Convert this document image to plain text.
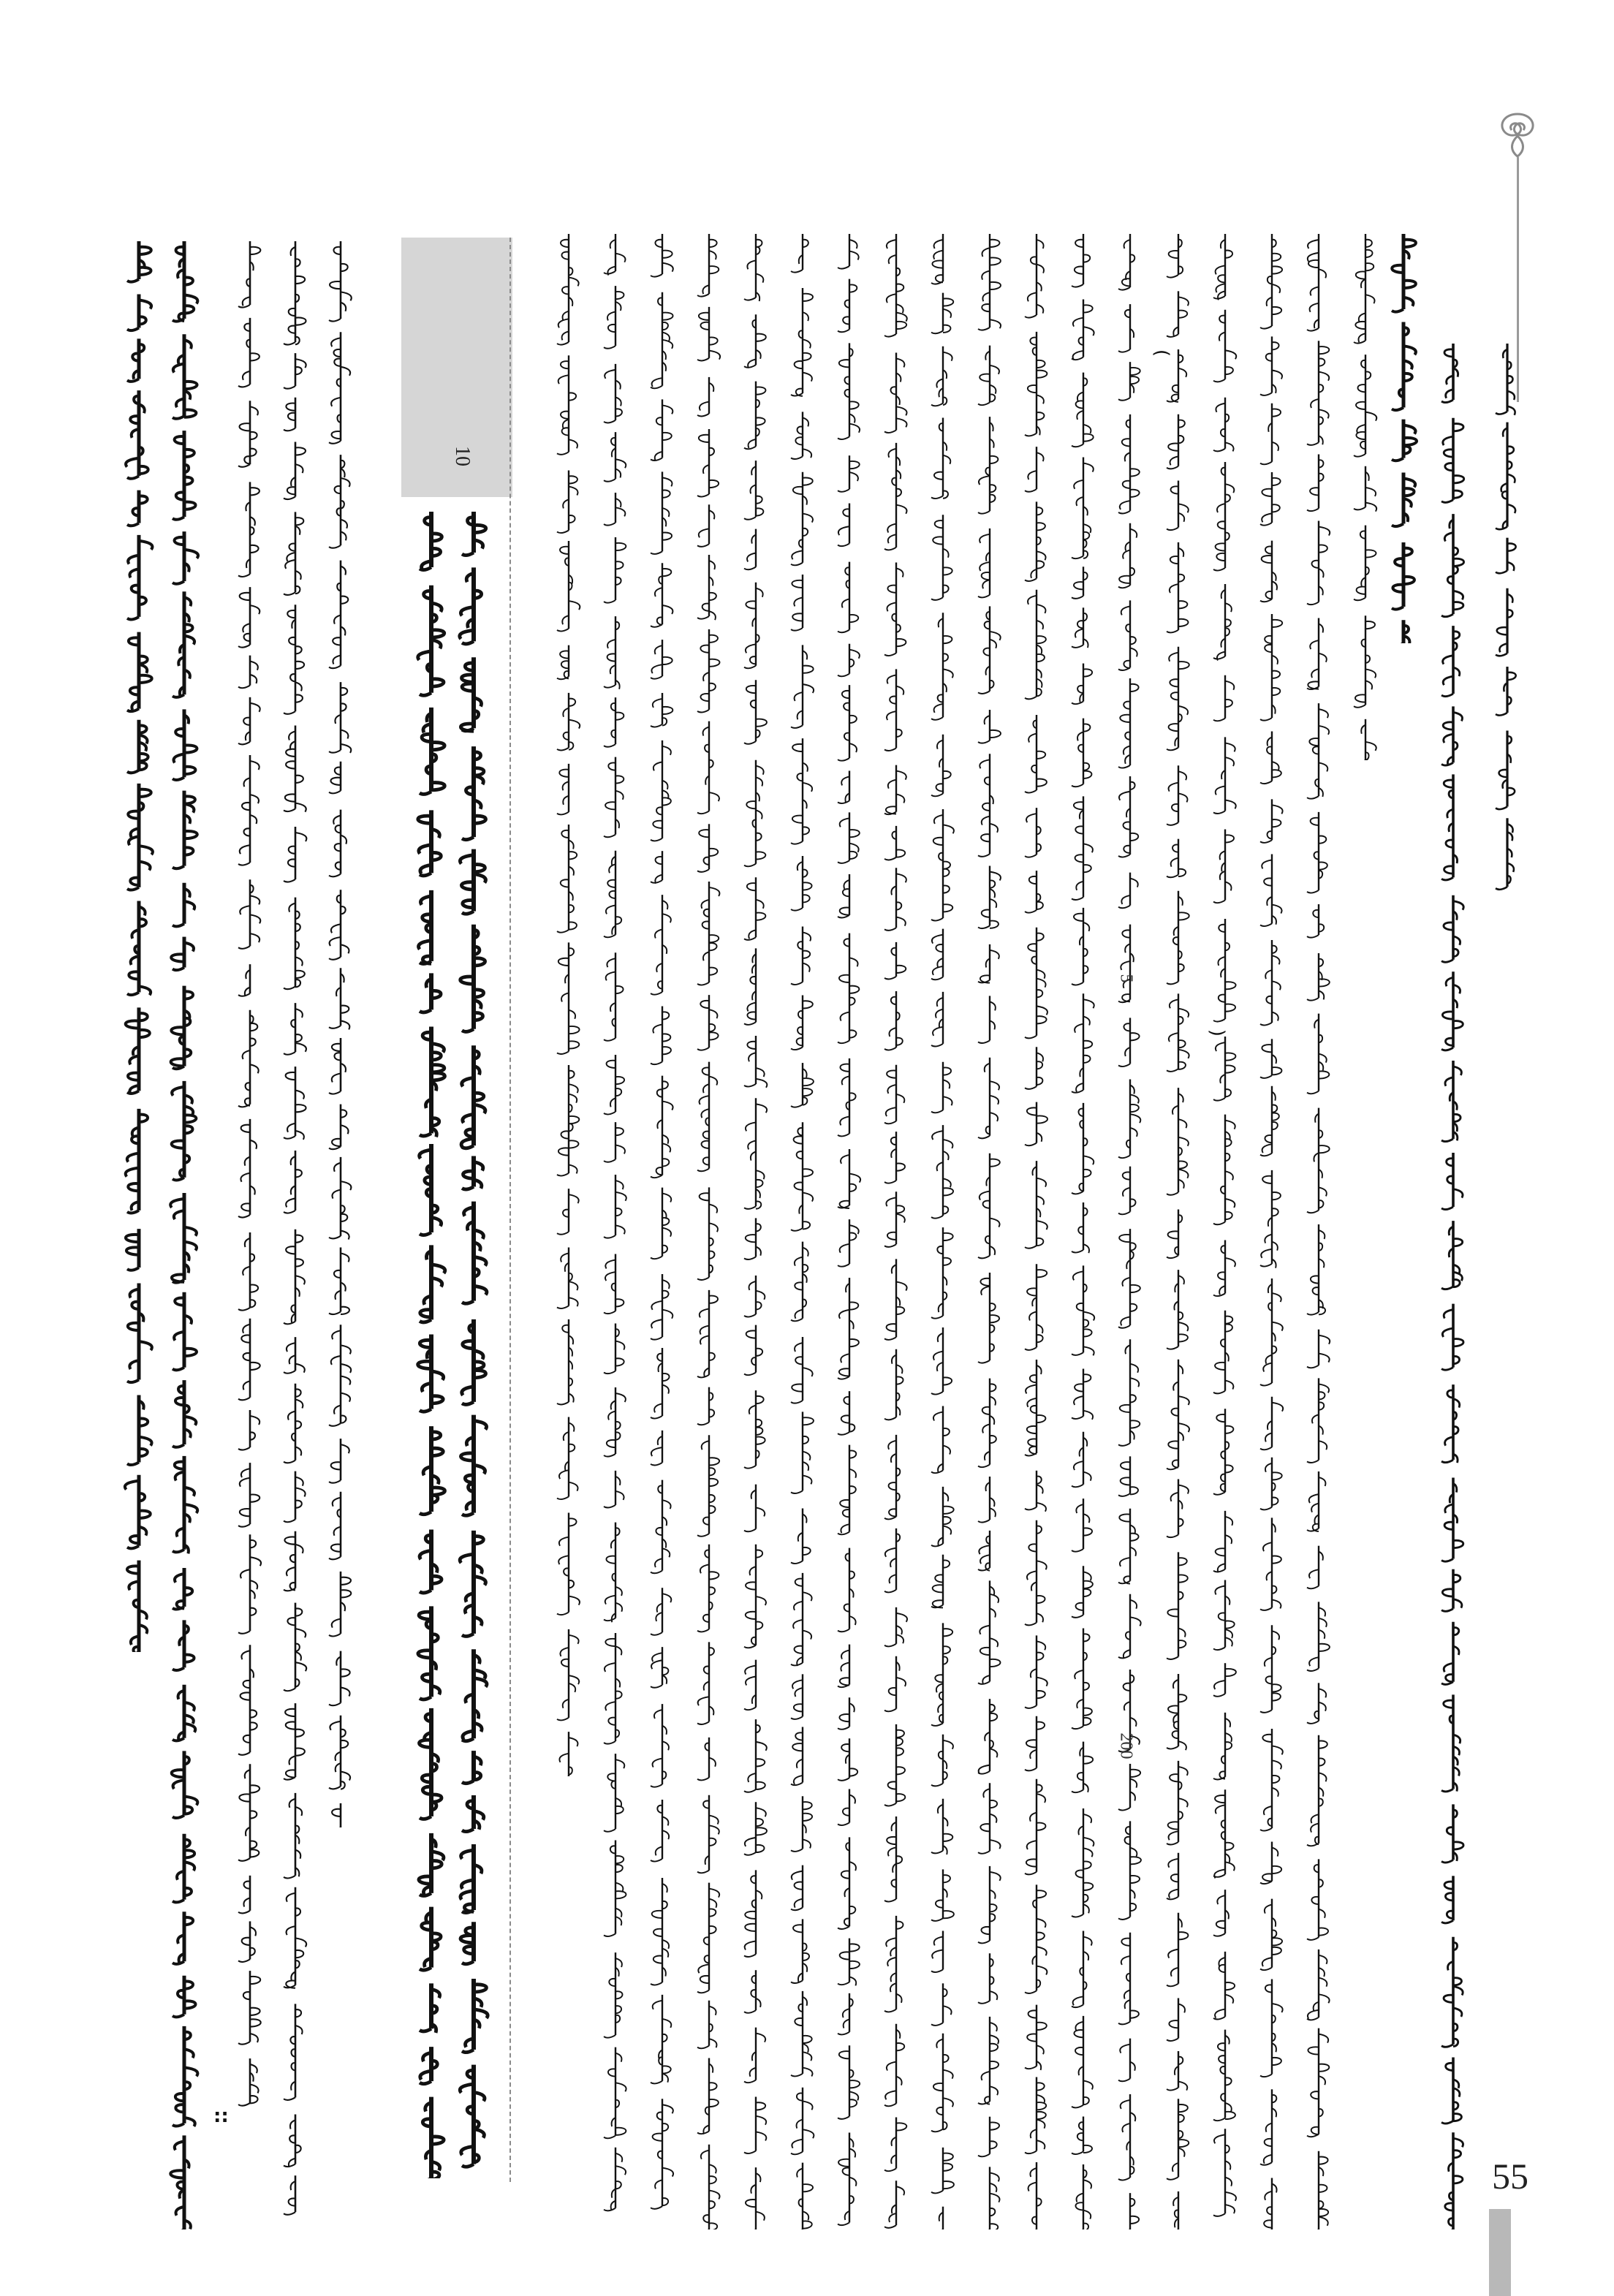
10
5
200
(
)
::
55
